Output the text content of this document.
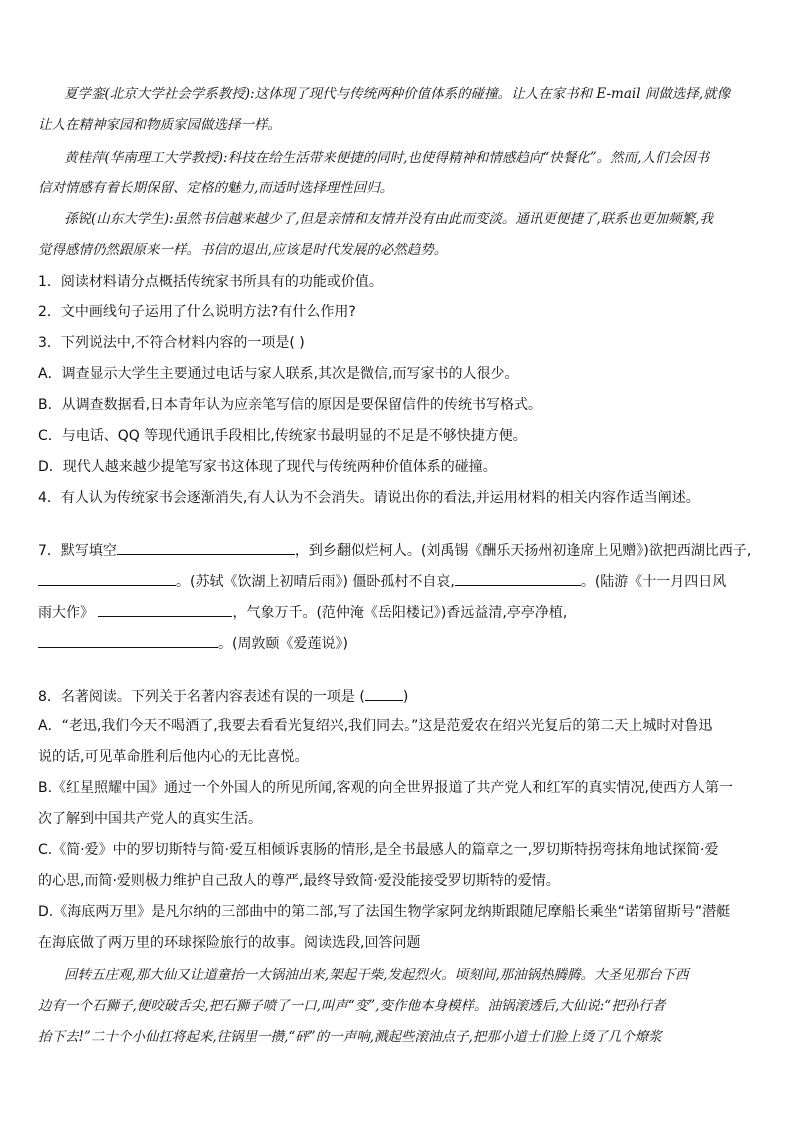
夏学銮(北京大学社会学系教授):这体现了现代与传统两种价值体系的碰撞。让人在家书和 E-mail 间做选择,就像
让人在精神家园和物质家园做选择一样。
黄桂萍(华南理工大学教授):科技在给生活带来便捷的同时,也使得精神和情感趋向“快餐化”。然而,人们会因书
信对情感有着长期保留、定格的魅力,而适时选择理性回归。
孫锐(山东大学生):虽然书信越来越少了,但是亲情和友情并没有由此而变淡。通讯更便捷了,联系也更加频繁,我
觉得感情仍然跟原来一样。书信的退出,应该是时代发展的必然趋势。
1．阅读材料请分点概括传统家书所具有的功能或价值。
2．文中画线句子运用了什么说明方法?有什么作用?
3．下列说法中,不符合材料内容的一项是( )
A．调查显示大学生主要通过电话与家人联系,其次是微信,而写家书的人很少。
B．从调查数据看,日本青年认为应亲笔写信的原因是要保留信件的传统书写格式。
C．与电话、QQ 等现代通讯手段相比,传统家书最明显的不足是不够快捷方便。
D．现代人越来越少提笔写家书这体现了现代与传统两种价值体系的碰撞。
4．有人认为传统家书会逐渐消失,有人认为不会消失。请说出你的看法,并运用材料的相关内容作适当阐述。
7．默写填空	，到乡翻似烂柯人。(刘禹锡《酬乐天扬州初逢席上见赠》)欲把西湖比西子,
。(苏轼《饮湖上初晴后雨》) 僵卧孤村不自哀,	。(陆游《十一月四日风
雨大作》	，气象万千。(范仲淹《岳阳楼记》)香远益清,亭亭净植,
。(周敦颐《爱莲说》)
8．名著阅读。下列关于名著内容表述有误的一项是 (	)
A．“老迅,我们今天不喝酒了,我要去看看光复绍兴,我们同去。”这是范爱农在绍兴光复后的第二天上城时对鲁迅
说的话,可见革命胜利后他内心的无比喜悦。
B.《红星照耀中国》通过一个外国人的所见所闻,客观的向全世界报道了共产党人和红军的真实情况,使西方人第一
次了解到中国共产党人的真实生活。
C.《简·爱》中的罗切斯特与简·爱互相倾诉衷肠的情形,是全书最感人的篇章之一,罗切斯特拐弯抹角地试探简·爱
的心思,而简·爱则极力维护自己敌人的尊严,最终导致简·爱没能接受罗切斯特的爱情。
D.《海底两万里》是凡尔纳的三部曲中的第二部,写了法国生物学家阿龙纳斯跟随尼摩船长乘坐“诺第留斯号”潜艇
在海底做了两万里的环球探险旅行的故事。阅读选段,回答问题
回转五庄观,那大仙又让道童抬一大锅油出来,架起干柴,发起烈火。顷刻间,那油锅热腾腾。大圣见那台下西
边有一个石狮子,便咬破舌尖,把石狮子喷了一口,叫声“变”,变作他本身模样。油锅滚透后,大仙说:“把孙行者
抬下去!”二十个小仙扛将起来,往锅里一攒,“砰”的一声响,溅起些滚油点子,把那小道士们脸上烫了几个燎浆
